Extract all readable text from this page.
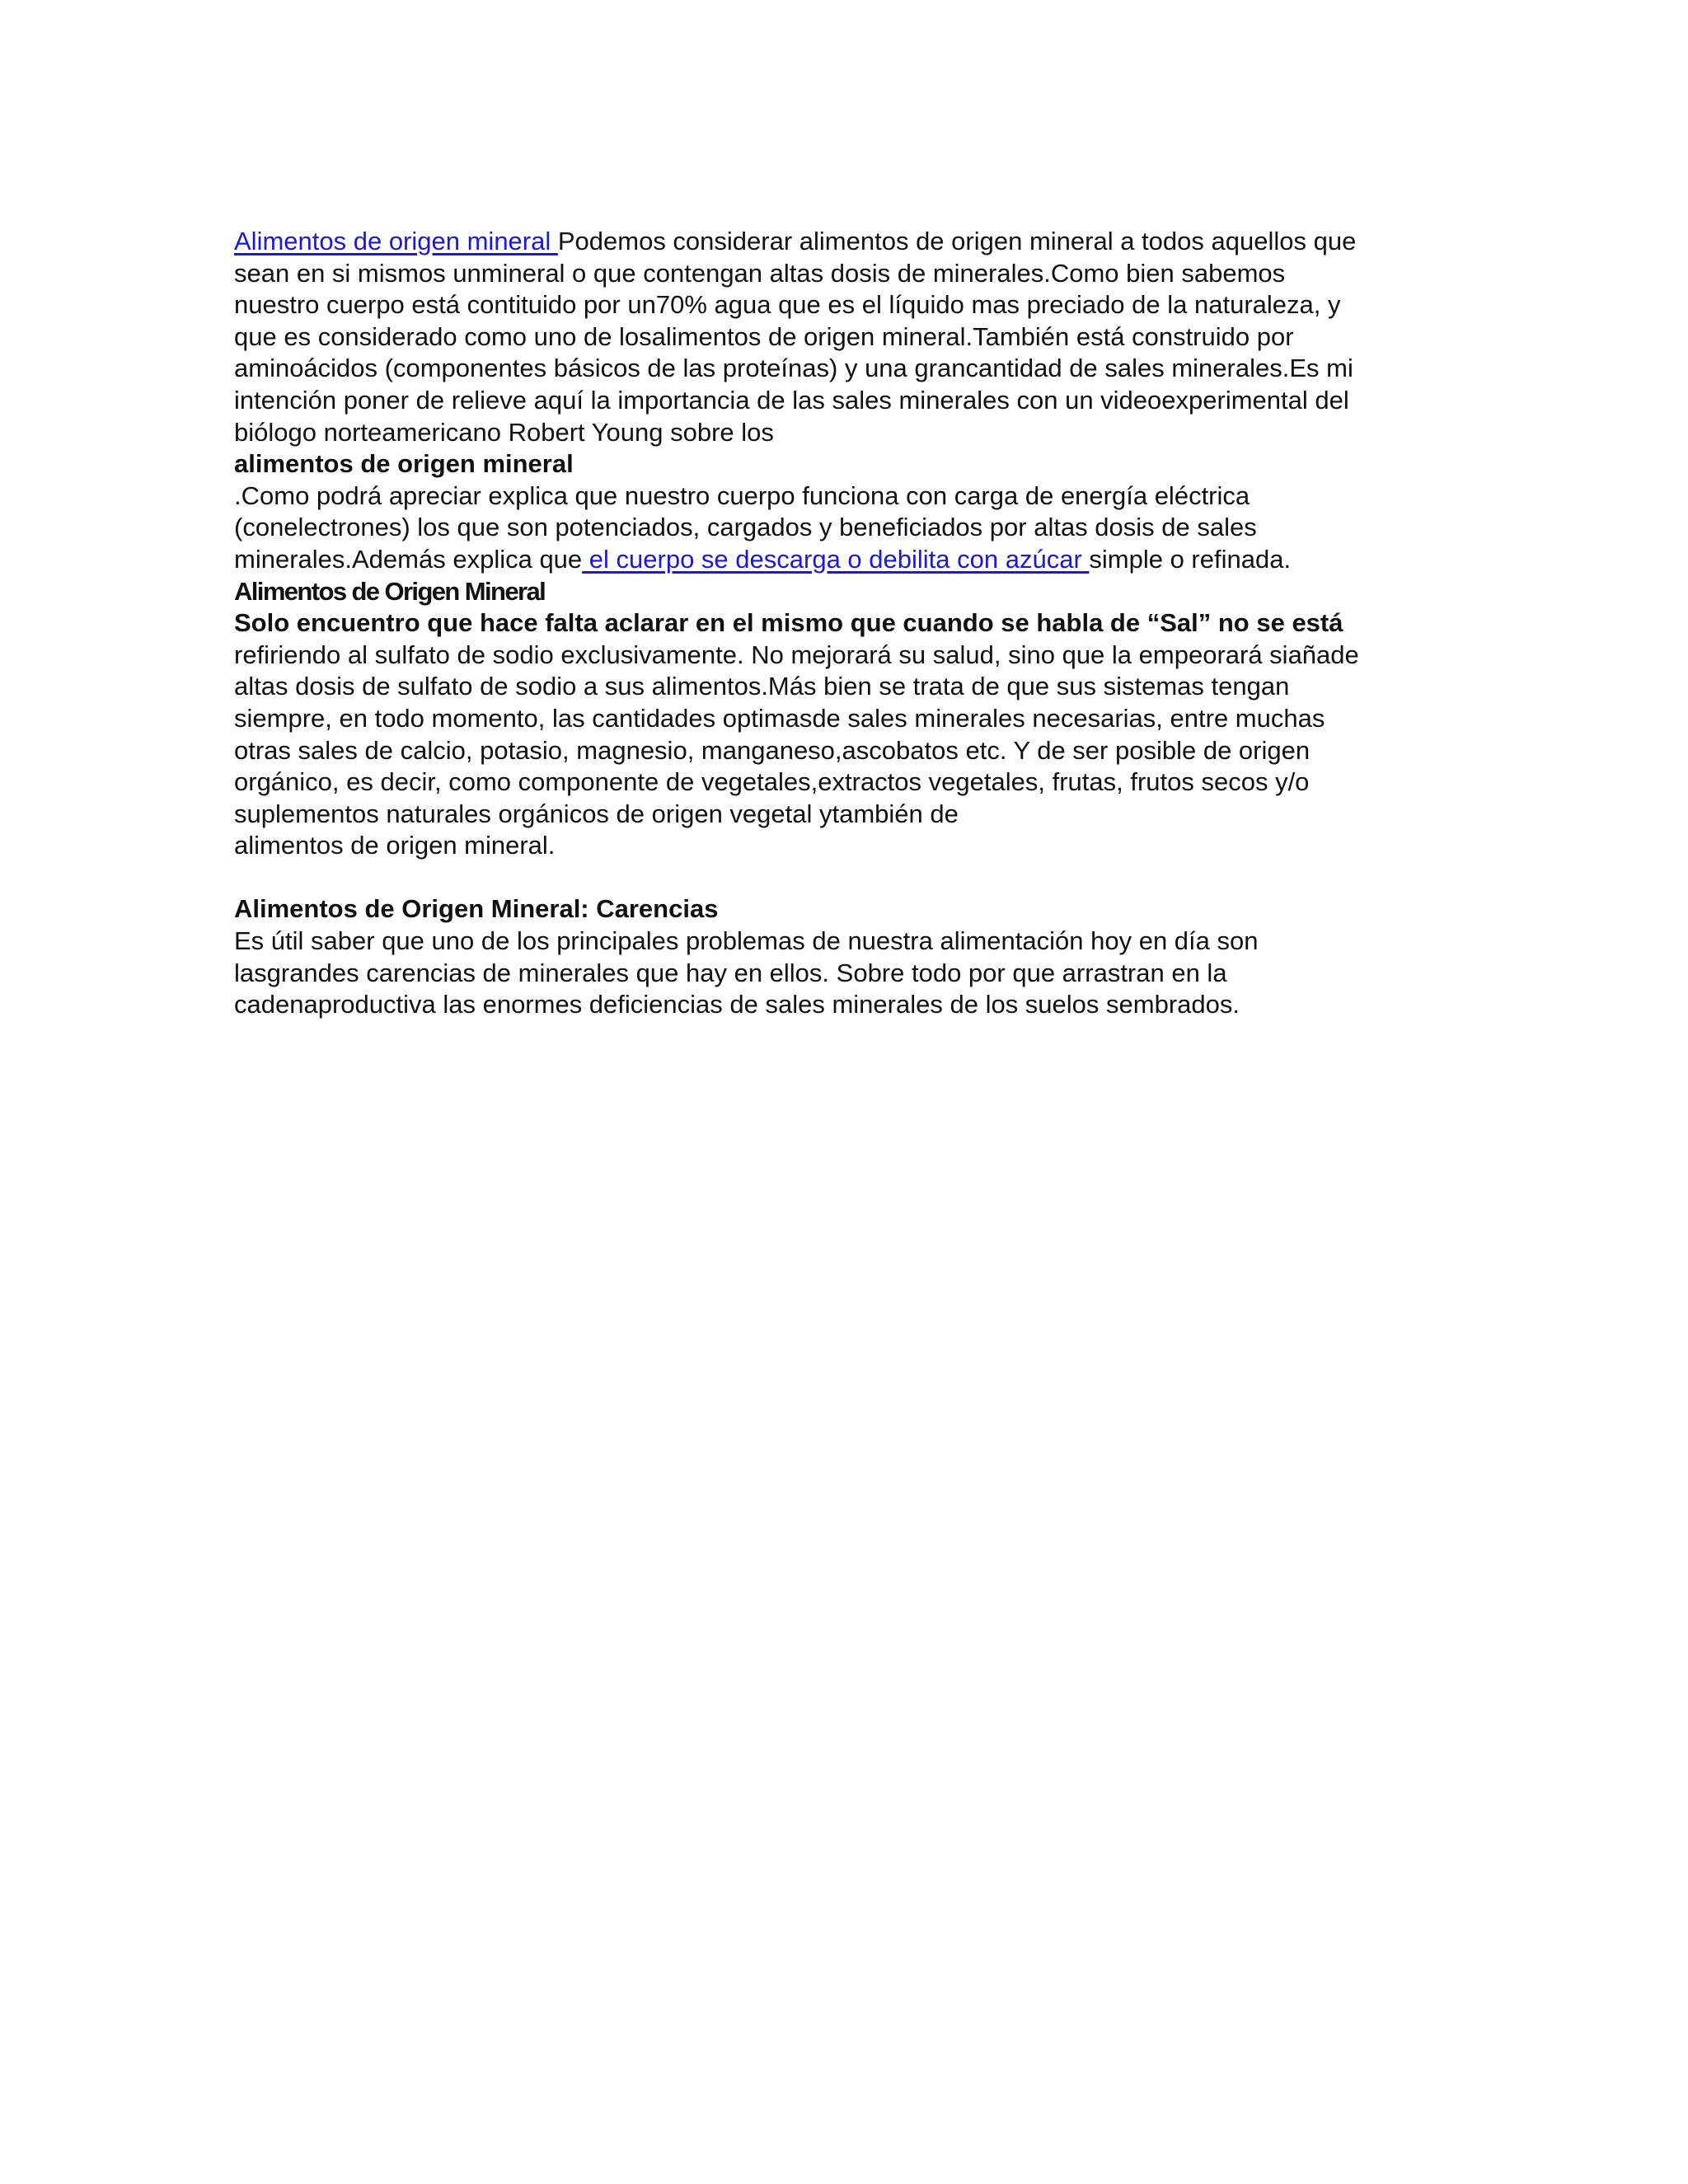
Alimentos de origen mineral Podemos considerar alimentos de origen mineral a todos aquellos que
sean en si mismos unmineral o que contengan altas dosis de minerales.Como bien sabemos
nuestro cuerpo está contituido por un70% agua que es el líquido mas preciado de la naturaleza, y
que es considerado como uno de losalimentos de origen mineral.También está construido por
aminoácidos (componentes básicos de las proteínas) y una grancantidad de sales minerales.Es mi
intención poner de relieve aquí la importancia de las sales minerales con un videoexperimental del
biólogo norteamericano Robert Young sobre los
alimentos de origen mineral
.Como podrá apreciar explica que nuestro cuerpo funciona con carga de energía eléctrica
(conelectrones) los que son potenciados, cargados y beneficiados por altas dosis de sales
minerales.Además explica que el cuerpo se descarga o debilita con azúcar simple o refinada.
Alimentos de Origen Mineral
Solo encuentro que hace falta aclarar en el mismo que cuando se habla de “Sal” no se está
refiriendo al sulfato de sodio exclusivamente. No mejorará su salud, sino que la empeorará siañade
altas dosis de sulfato de sodio a sus alimentos.Más bien se trata de que sus sistemas tengan
siempre, en todo momento, las cantidades optimasde sales minerales necesarias, entre muchas
otras sales de calcio, potasio, magnesio, manganeso,ascobatos etc. Y de ser posible de origen
orgánico, es decir, como componente de vegetales,extractos vegetales, frutas, frutos secos y/o
suplementos naturales orgánicos de origen vegetal ytambién de
alimentos de origen mineral.
Alimentos de Origen Mineral: Carencias
Es útil saber que uno de los principales problemas de nuestra alimentación hoy en día son
lasgrandes carencias de minerales que hay en ellos. Sobre todo por que arrastran en la
cadenaproductiva las enormes deficiencias de sales minerales de los suelos sembrados.
